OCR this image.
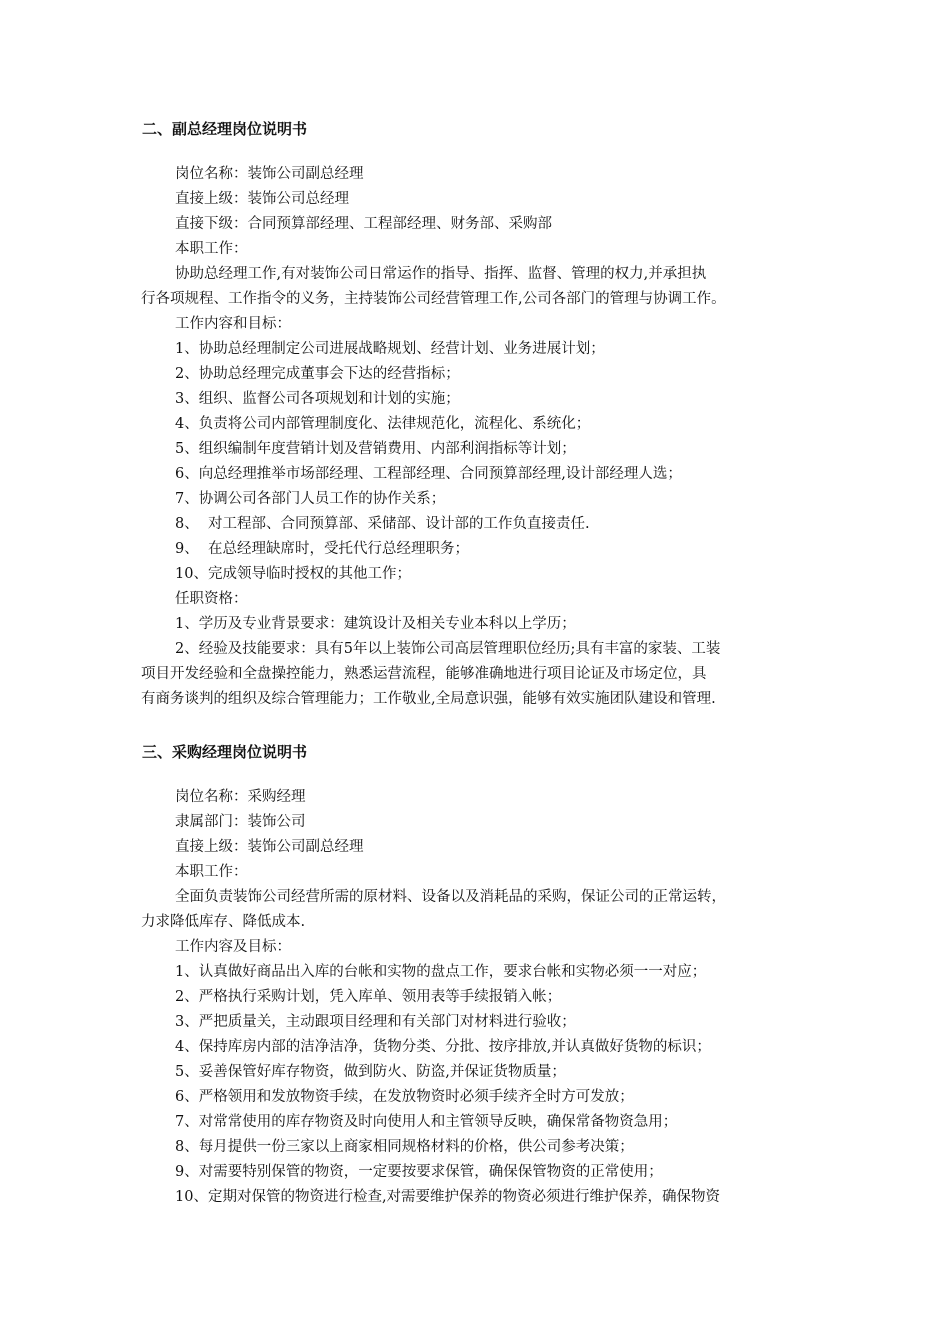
二、副总经理岗位说明书
岗位名称：装饰公司副总经理
直接上级：装饰公司总经理
直接下级：合同预算部经理、工程部经理、财务部、采购部
本职工作：
协助总经理工作,有对装饰公司日常运作的指导、指挥、监督、管理的权力,并承担执
行各项规程、工作指令的义务，主持装饰公司经营管理工作,公司各部门的管理与协调工作。
工作内容和目标：
1、协助总经理制定公司进展战略规划、经营计划、业务进展计划；
2、协助总经理完成董事会下达的经营指标；
3、组织、监督公司各项规划和计划的实施；
4、负责将公司内部管理制度化、法律规范化，流程化、系统化；
5、组织编制年度营销计划及营销费用、内部利润指标等计划；
6、向总经理推举市场部经理、工程部经理、合同预算部经理,设计部经理人选；
7、协调公司各部门人员工作的协作关系；
8、  对工程部、合同预算部、采储部、设计部的工作负直接责任.
9、  在总经理缺席时，受托代行总经理职务；
10、完成领导临时授权的其他工作；
任职资格：
1、学历及专业背景要求：建筑设计及相关专业本科以上学历；
2、经验及技能要求：具有5年以上装饰公司高层管理职位经历;具有丰富的家装、工装
项目开发经验和全盘操控能力，熟悉运营流程，能够准确地进行项目论证及市场定位，具
有商务谈判的组织及综合管理能力；工作敬业,全局意识强，能够有效实施团队建设和管理.
三、采购经理岗位说明书
岗位名称：采购经理
隶属部门：装饰公司
直接上级：装饰公司副总经理
本职工作：
全面负责装饰公司经营所需的原材料、设备以及消耗品的采购，保证公司的正常运转，
力求降低库存、降低成本.
工作内容及目标：
1、认真做好商品出入库的台帐和实物的盘点工作，要求台帐和实物必须一一对应；
2、严格执行采购计划，凭入库单、领用表等手续报销入帐；
3、严把质量关，主动跟项目经理和有关部门对材料进行验收；
4、保持库房内部的洁净洁净，货物分类、分批、按序排放,并认真做好货物的标识；
5、妥善保管好库存物资，做到防火、防盗,并保证货物质量；
6、严格领用和发放物资手续，在发放物资时必须手续齐全时方可发放；
7、对常常使用的库存物资及时向使用人和主管领导反映，确保常备物资急用；
8、每月提供一份三家以上商家相同规格材料的价格，供公司参考决策；
9、对需要特别保管的物资，一定要按要求保管，确保保管物资的正常使用；
10、定期对保管的物资进行检查,对需要维护保养的物资必须进行维护保养，确保物资
